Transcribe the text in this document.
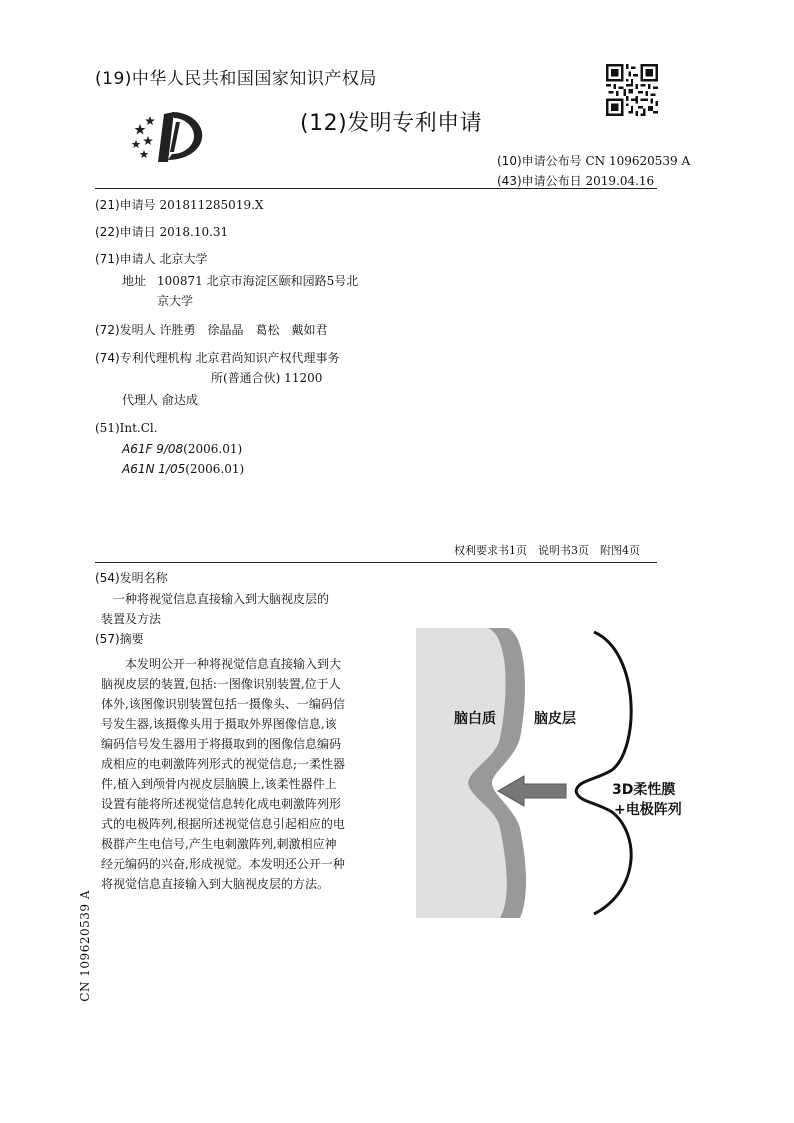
(19)中华人民共和国国家知识产权局
(12)发明专利申请
(10)申请公布号 CN 109620539 A
(43)申请公布日 2019.04.16
(21)申请号 201811285019.X
(22)申请日 2018.10.31
(71)申请人 北京大学
地址 100871 北京市海淀区颐和园路5号北
京大学
(72)发明人 许胜勇　徐晶晶　葛松　戴如君
(74)专利代理机构 北京君尚知识产权代理事务
所(普通合伙) 11200
代理人 俞达成
(51)Int.Cl.
A61F 9/08(2006.01)
A61N 1/05(2006.01)
权利要求书1页　说明书3页　附图4页
(54)发明名称
　一种将视觉信息直接输入到大脑视皮层的
装置及方法
(57)摘要
　　本发明公开一种将视觉信息直接输入到大
脑视皮层的装置,包括:一图像识别装置,位于人
体外,该图像识别装置包括一摄像头、一编码信
号发生器,该摄像头用于摄取外界图像信息,该
编码信号发生器用于将摄取到的图像信息编码
成相应的电刺激阵列形式的视觉信息;一柔性器
件,植入到颅骨内视皮层脑膜上,该柔性器件上
设置有能将所述视觉信息转化成电刺激阵列形
式的电极阵列,根据所述视觉信息引起相应的电
极群产生电信号,产生电刺激阵列,刺激相应神
经元编码的兴奋,形成视觉。本发明还公开一种
将视觉信息直接输入到大脑视皮层的方法。
脑白质	脑皮层
3D柔性膜
+电极阵列
CN 109620539 A
